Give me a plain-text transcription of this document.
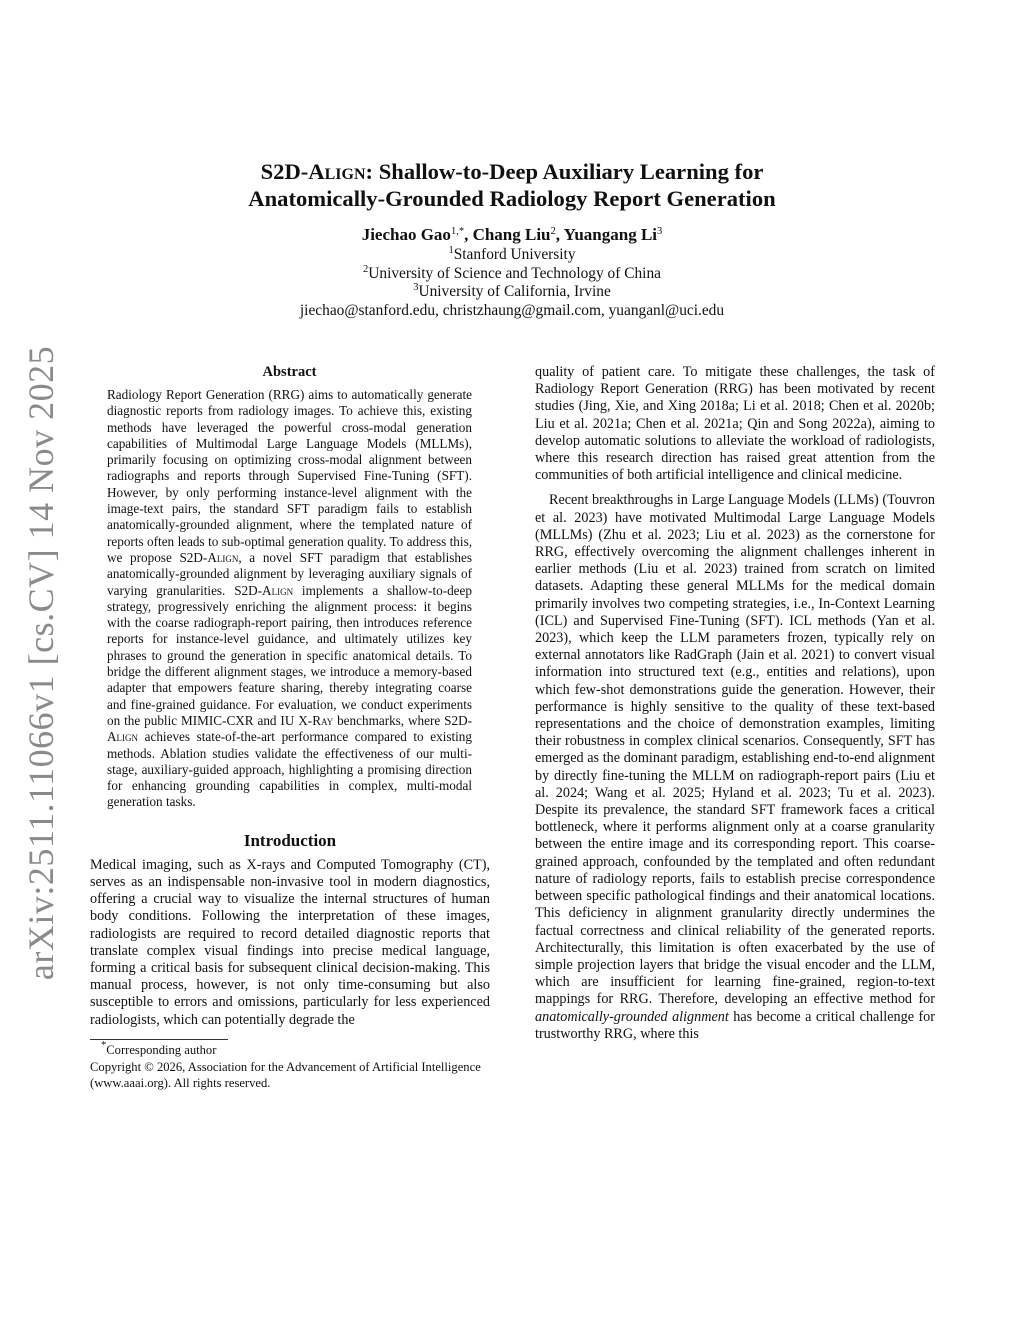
arXiv:2511.11066v1 [cs.CV] 14 Nov 2025
S2D-Align: Shallow-to-Deep Auxiliary Learning for
Anatomically-Grounded Radiology Report Generation
Jiechao Gao$^{1,*}$, Chang Liu$^2$, Yuangang Li$^3$
$^1$Stanford University
$^2$University of Science and Technology of China
$^3$University of California, Irvine
jiechao@stanford.edu, christzhaung@gmail.com, yuanganl@uci.edu
Abstract

Radiology Report Generation (RRG) aims to automatically generate diagnostic reports from radiology images. To achieve this, existing methods have leveraged the powerful cross-modal generation capabilities of Multimodal Large Language Models (MLLMs), primarily focusing on optimizing cross-modal alignment between radiographs and reports through Supervised Fine-Tuning (SFT). However, by only performing instance-level alignment with the image-text pairs, the standard SFT paradigm fails to establish anatomically-grounded alignment, where the templated nature of reports often leads to sub-optimal generation quality. To address this, we propose S2D-Align, a novel SFT paradigm that establishes anatomically-grounded alignment by leveraging auxiliary signals of varying granularities. S2D-Align implements a shallow-to-deep strategy, progressively enriching the alignment process: it begins with the coarse radiograph-report pairing, then introduces reference reports for instance-level guidance, and ultimately utilizes key phrases to ground the generation in specific anatomical details. To bridge the different alignment stages, we introduce a memory-based adapter that empowers feature sharing, thereby integrating coarse and fine-grained guidance. For evaluation, we conduct experiments on the public MIMIC-CXR and IU X-Ray benchmarks, where S2D-Align achieves state-of-the-art performance compared to existing methods. Ablation studies validate the effectiveness of our multi-stage, auxiliary-guided approach, highlighting a promising direction for enhancing grounding capabilities in complex, multi-modal generation tasks.

Introduction

Medical imaging, such as X-rays and Computed Tomography (CT), serves as an indispensable non-invasive tool in modern diagnostics, offering a crucial way to visualize the internal structures of human body conditions. Following the interpretation of these images, radiologists are required to record detailed diagnostic reports that translate complex visual findings into precise medical language, forming a critical basis for subsequent clinical decision-making. This manual process, however, is not only time-consuming but also susceptible to errors and omissions, particularly for less experienced radiologists, which can potentially degrade the

*Corresponding author

Copyright © 2026, Association for the Advancement of Artificial Intelligence (www.aaai.org). All rights reserved.

quality of patient care. To mitigate these challenges, the task of Radiology Report Generation (RRG) has been motivated by recent studies (Jing, Xie, and Xing 2018a; Li et al. 2018; Chen et al. 2020b; Liu et al. 2021a; Chen et al. 2021a; Qin and Song 2022a), aiming to develop automatic solutions to alleviate the workload of radiologists, where this research direction has raised great attention from the communities of both artificial intelligence and clinical medicine.

Recent breakthroughs in Large Language Models (LLMs) (Touvron et al. 2023) have motivated Multimodal Large Language Models (MLLMs) (Zhu et al. 2023; Liu et al. 2023) as the cornerstone for RRG, effectively overcoming the alignment challenges inherent in earlier methods (Liu et al. 2023) trained from scratch on limited datasets. Adapting these general MLLMs for the medical domain primarily involves two competing strategies, i.e., In-Context Learning (ICL) and Supervised Fine-Tuning (SFT). ICL methods (Yan et al. 2023), which keep the LLM parameters frozen, typically rely on external annotators like RadGraph (Jain et al. 2021) to convert visual information into structured text (e.g., entities and relations), upon which few-shot demonstrations guide the generation. However, their performance is highly sensitive to the quality of these text-based representations and the choice of demonstration examples, limiting their robustness in complex clinical scenarios. Consequently, SFT has emerged as the dominant paradigm, establishing end-to-end alignment by directly fine-tuning the MLLM on radiograph-report pairs (Liu et al. 2024; Wang et al. 2025; Hyland et al. 2023; Tu et al. 2023). Despite its prevalence, the standard SFT framework faces a critical bottleneck, where it performs alignment only at a coarse granularity between the entire image and its corresponding report. This coarse-grained approach, confounded by the templated and often redundant nature of radiology reports, fails to establish precise correspondence between specific pathological findings and their anatomical locations. This deficiency in alignment granularity directly undermines the factual correctness and clinical reliability of the generated reports. Architecturally, this limitation is often exacerbated by the use of simple projection layers that bridge the visual encoder and the LLM, which are insufficient for learning fine-grained, region-to-text mappings for RRG. Therefore, developing an effective method for anatomically-grounded alignment has become a critical challenge for trustworthy RRG, where this
